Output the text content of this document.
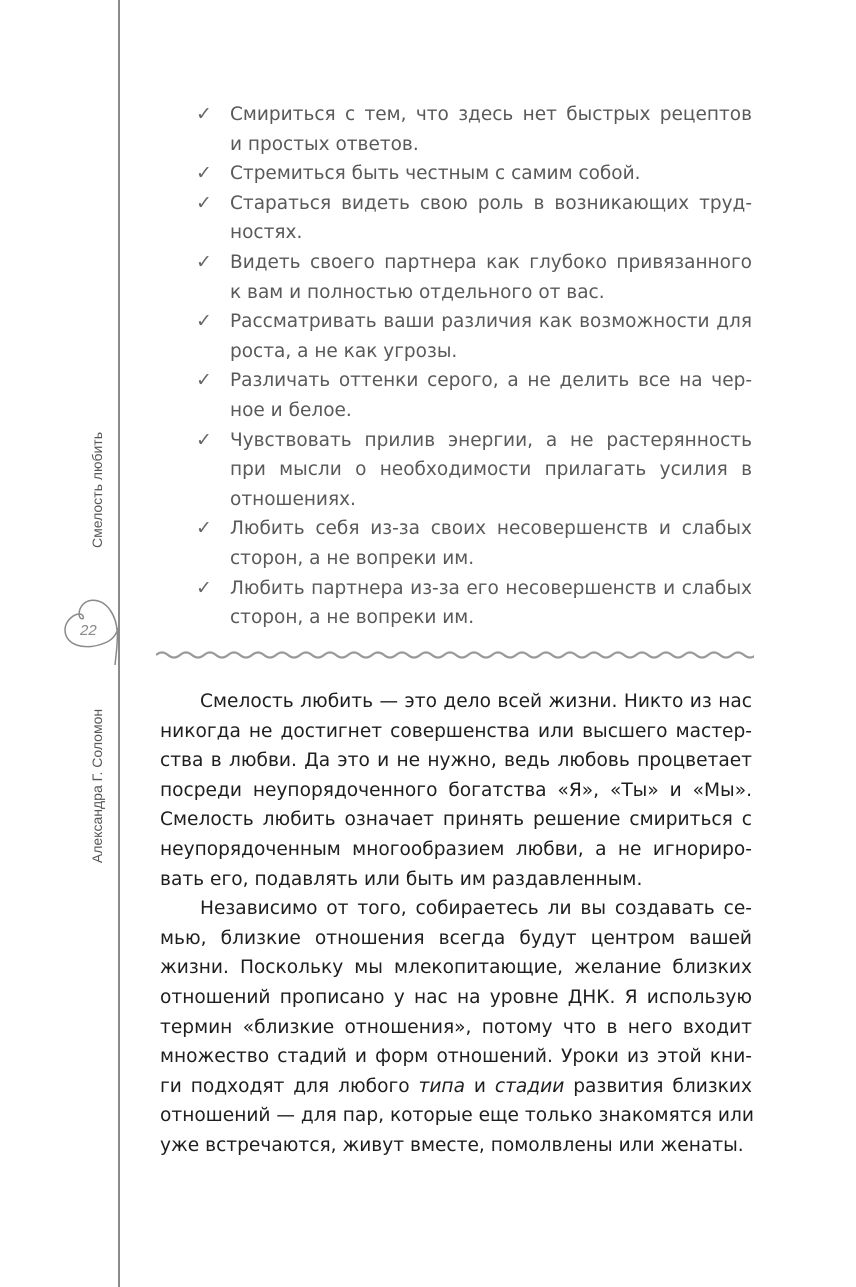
Смелость любить
Александра Г. Соломон
22
✓ Смириться с тем, что здесь нет быстрых рецептов
и простых ответов.
✓ Стремиться быть честным с самим собой.
✓ Стараться видеть свою роль в возникающих труд-
ностях.
✓ Видеть своего партнера как глубоко привязанного
к вам и полностью отдельного от вас.
✓ Рассматривать ваши различия как возможности для
роста, а не как угрозы.
✓ Различать оттенки серого, а не делить все на чер-
ное и белое.
✓ Чувствовать прилив энергии, а не растерянность
при мысли о необходимости прилагать усилия в
отношениях.
✓ Любить себя из-за своих несовершенств и слабых
сторон, а не вопреки им.
✓ Любить партнера из-за его несовершенств и слабых
сторон, а не вопреки им.
Смелость любить — это дело всей жизни. Никто из нас
никогда не достигнет совершенства или высшего мастер-
ства в любви. Да это и не нужно, ведь любовь процветает
посреди неупорядоченного богатства «Я», «Ты» и «Мы».
Смелость любить означает принять решение смириться с
неупорядоченным многообразием любви, а не игнориро-
вать его, подавлять или быть им раздавленным.
Независимо от того, собираетесь ли вы создавать се-
мью, близкие отношения всегда будут центром вашей
жизни. Поскольку мы млекопитающие, желание близких
отношений прописано у нас на уровне ДНК. Я использую
термин «близкие отношения», потому что в него входит
множество стадий и форм отношений. Уроки из этой кни-
ги подходят для любого типа и стадии развития близких
отношений — для пар, которые еще только знакомятся или
уже встречаются, живут вместе, помолвлены или женаты.
